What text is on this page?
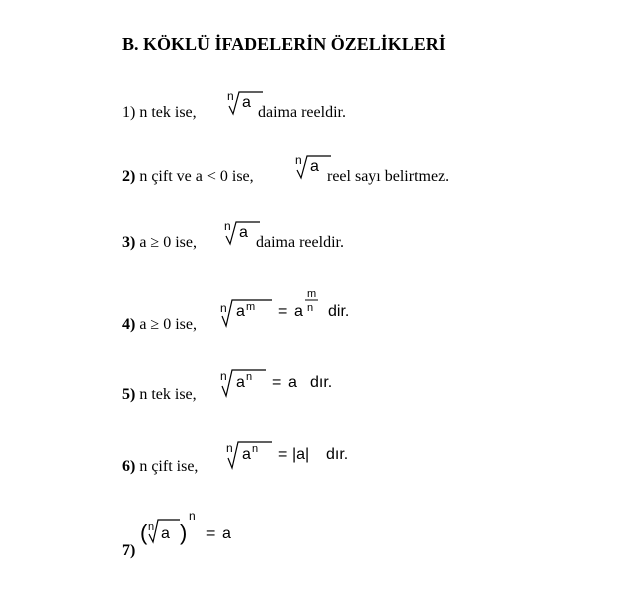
B. KÖKLÜ İFADELERİN ÖZELİKLERİ
1) n tek ise,
n a
daima reeldir.
2) n çift ve a < 0 ise,
n a
reel sayı belirtmez.
3) a ≥ 0 ise,
n a
daima reeldir.
4) a ≥ 0 ise,
n a m = a
m
n dir.
5) n tek ise,
n a n = a dır.
6) n çift ise,
n a n = |a| dır.
7)
( n a )
n
= a
